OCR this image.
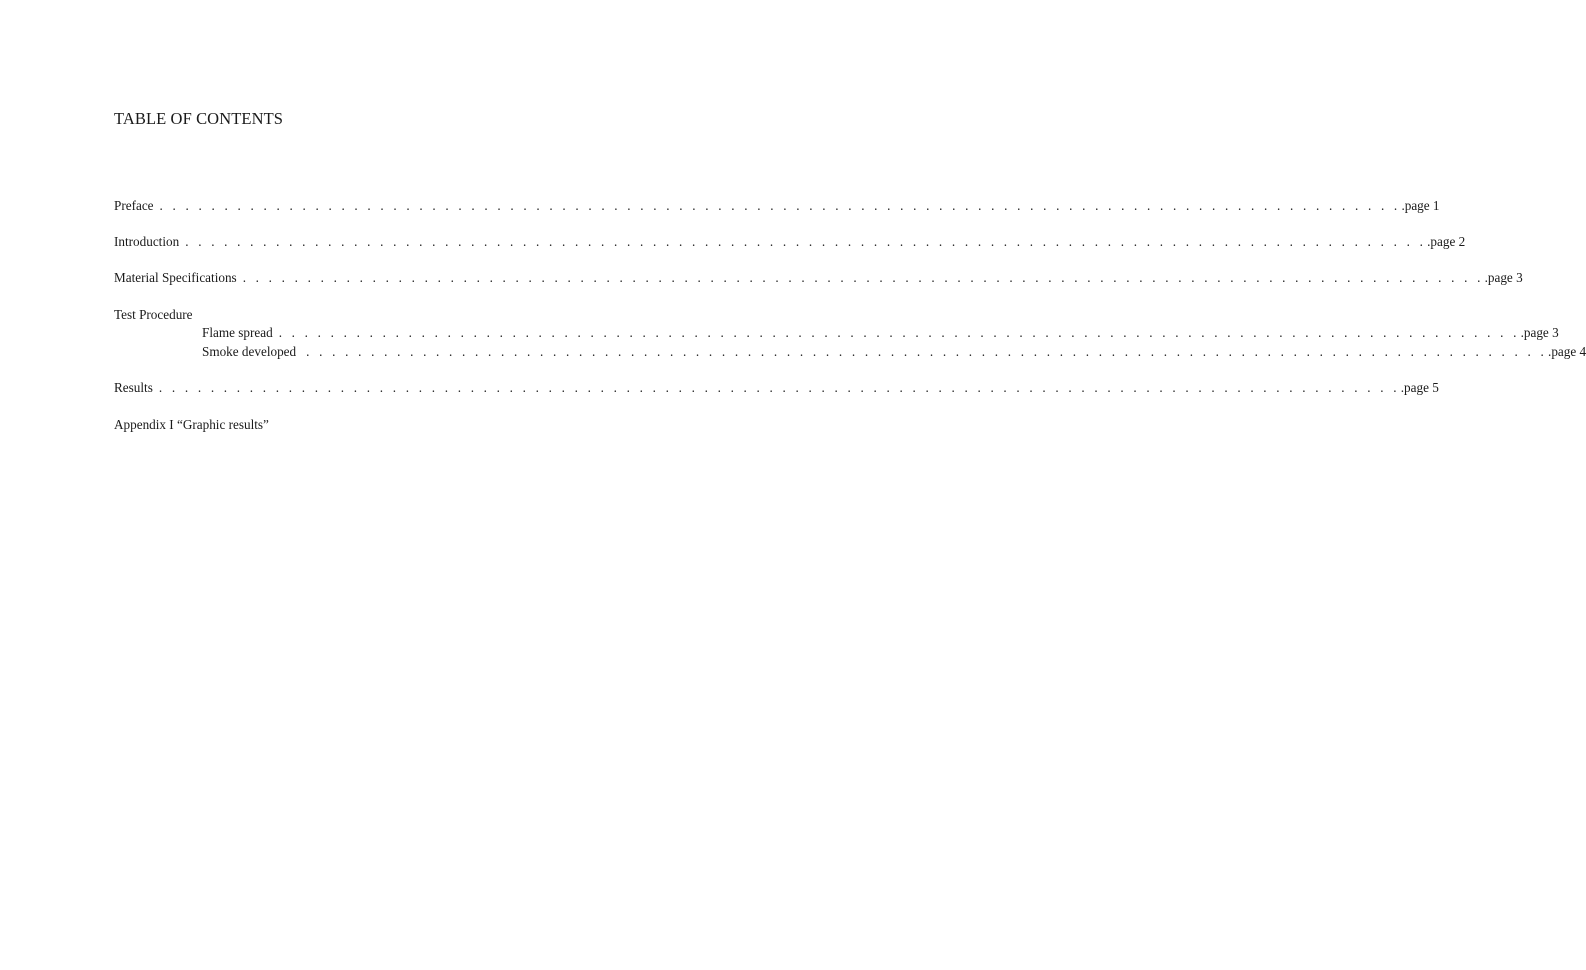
TABLE OF CONTENTS
Preface . . . . . . . . . . . . . . . . . . . . . . . . . . . . . . . . . . . . . . . . . . . . . . . . . . . . . . . . . . . . . . . . . . . . . . . . . . . . . . . . . . . . . . . . . . . . . . . . .page 1
Introduction . . . . . . . . . . . . . . . . . . . . . . . . . . . . . . . . . . . . . . . . . . . . . . . . . . . . . . . . . . . . . . . . . . . . . . . . . . . . . . . . . . . . . . . . . . . . . . . . .page 2
Material Specifications . . . . . . . . . . . . . . . . . . . . . . . . . . . . . . . . . . . . . . . . . . . . . . . . . . . . . . . . . . . . . . . . . . . . . . . . . . . . . . . . . . . . . . . . . . . . . . . . .page 3
Test Procedure
Flame spread . . . . . . . . . . . . . . . . . . . . . . . . . . . . . . . . . . . . . . . . . . . . . . . . . . . . . . . . . . . . . . . . . . . . . . . . . . . . . . . . . . . . . . . . . . . . . . . . .page 3
Smoke developed . . . . . . . . . . . . . . . . . . . . . . . . . . . . . . . . . . . . . . . . . . . . . . . . . . . . . . . . . . . . . . . . . . . . . . . . . . . . . . . . . . . . . . . . . . . . . . . . .page 4
Results . . . . . . . . . . . . . . . . . . . . . . . . . . . . . . . . . . . . . . . . . . . . . . . . . . . . . . . . . . . . . . . . . . . . . . . . . . . . . . . . . . . . . . . . . . . . . . . . .page 5
Appendix I “Graphic results”
